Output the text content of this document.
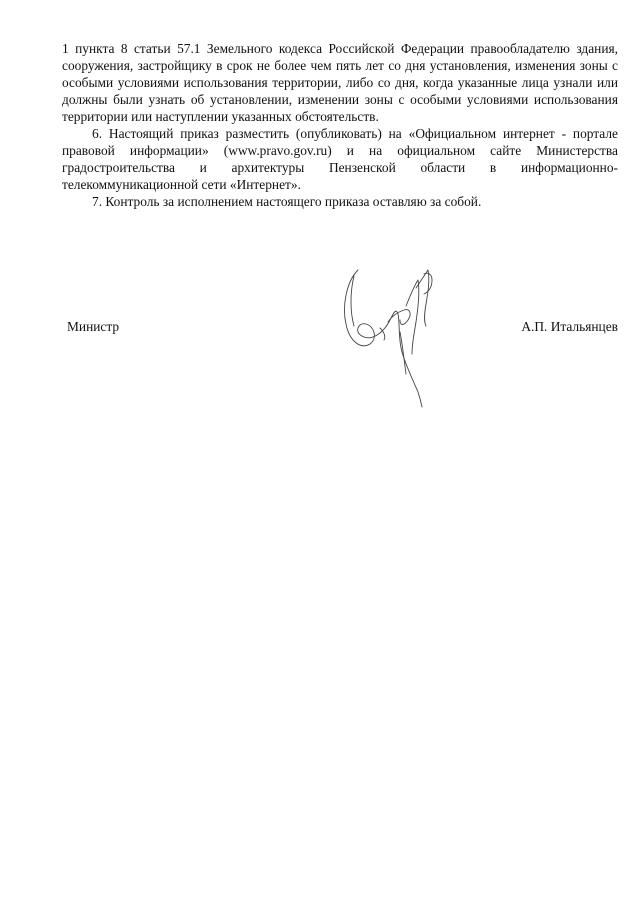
1 пункта 8 статьи 57.1 Земельного кодекса Российской Федерации правообладателю здания, сооружения, застройщику в срок не более чем пять лет со дня установления, изменения зоны с особыми условиями использования территории, либо со дня, когда указанные лица узнали или должны были узнать об установлении, изменении зоны с особыми условиями использования территории или наступлении указанных обстоятельств.

6. Настоящий приказ разместить (опубликовать) на «Официальном интернет - портале правовой информации» (www.pravo.gov.ru) и на официальном сайте Министерства градостроительства и архитектуры Пензенской области в информационно-телекоммуникационной сети «Интернет».

7. Контроль за исполнением настоящего приказа оставляю за собой.

Министр	А.П. Итальянцев
